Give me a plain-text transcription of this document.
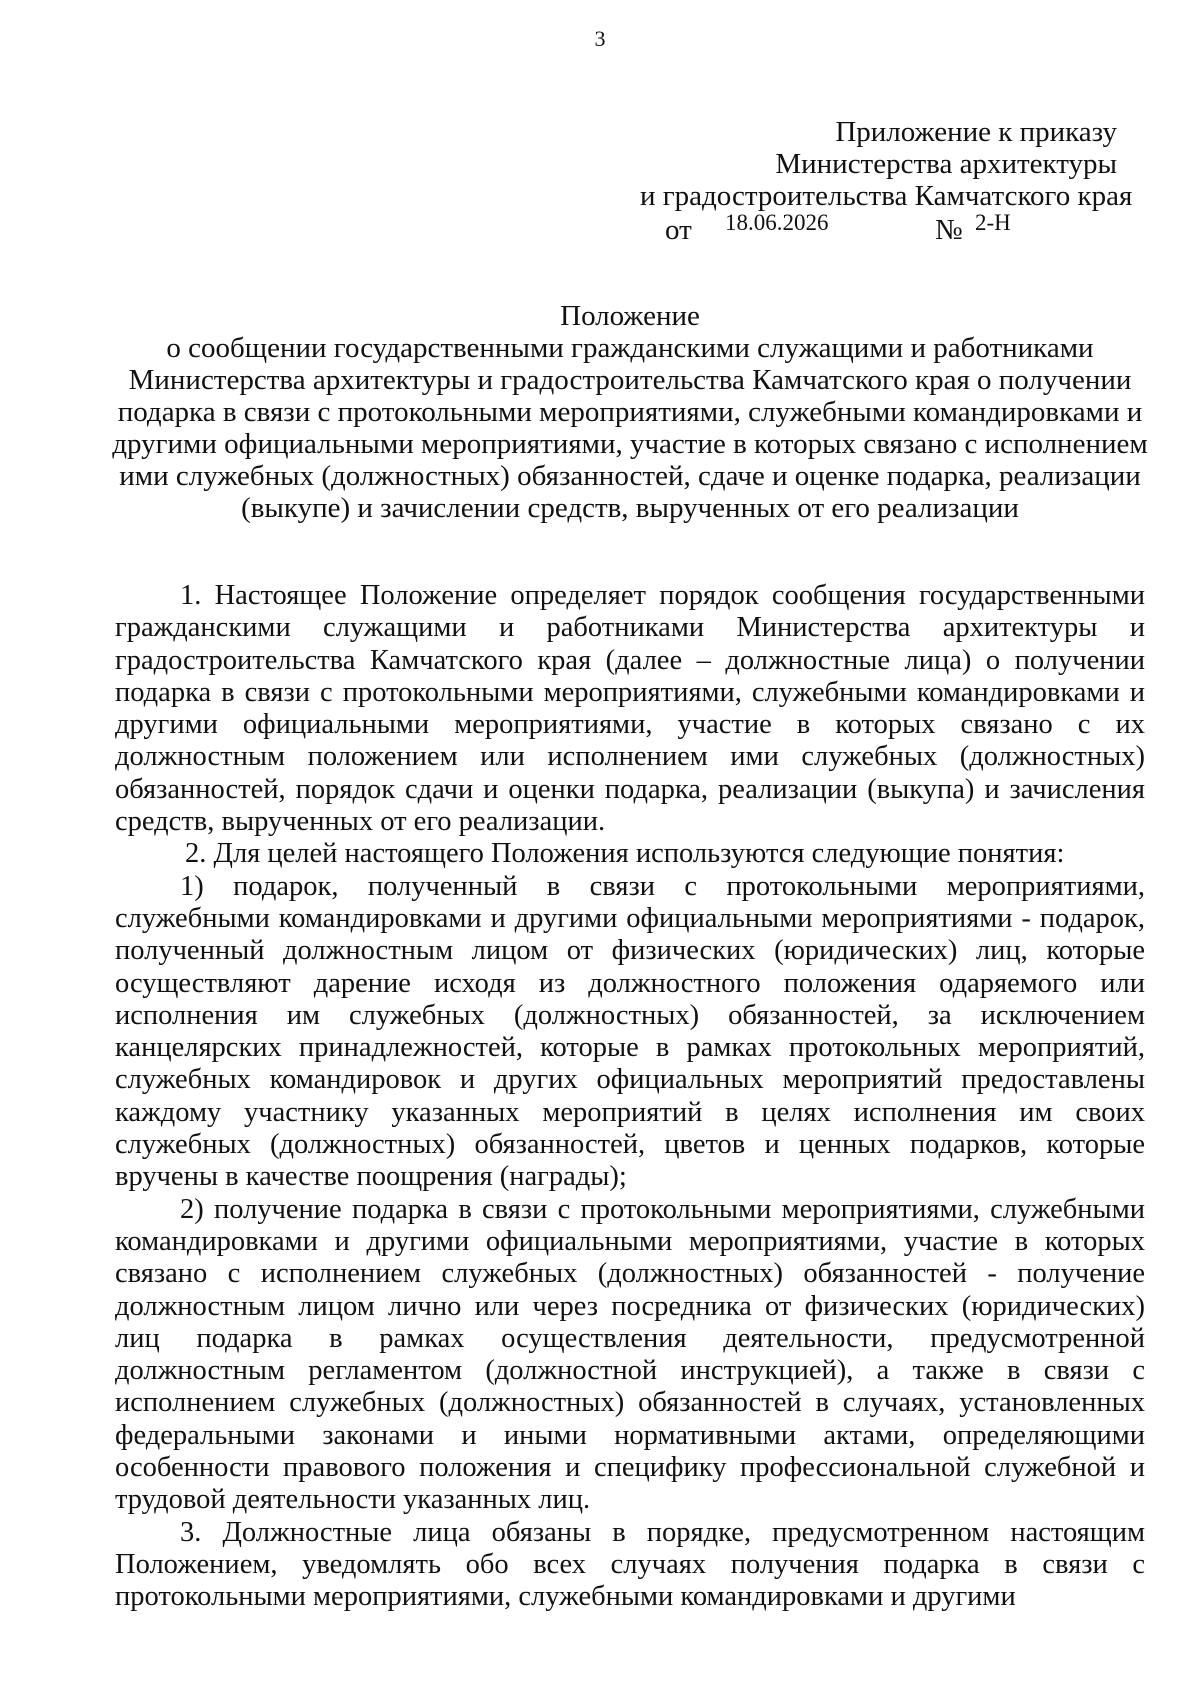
3
Приложение к приказу
Министерства архитектуры
и градостроительства Камчатского края
от 18.06.2026	№ 2-Н
Положение
о сообщении государственными гражданскими служащими и работниками Министерства архитектуры и градостроительства Камчатского края о получении подарка в связи с протокольными мероприятиями, служебными командировками и другими официальными мероприятиями, участие в которых связано с исполнением ими служебных (должностных) обязанностей, сдаче и оценке подарка, реализации (выкупе) и зачислении средств, вырученных от его реализации

1. Настоящее Положение определяет порядок сообщения государственными гражданскими служащими и работниками Министерства архитектуры и градостроительства Камчатского края (далее – должностные лица) о получении подарка в связи с протокольными мероприятиями, служебными командировками и другими официальными мероприятиями, участие в которых связано с их должностным положением или исполнением ими служебных (должностных) обязанностей, порядок сдачи и оценки подарка, реализации (выкупа) и зачисления средств, вырученных от его реализации.

2. Для целей настоящего Положения используются следующие понятия:

1) подарок, полученный в связи с протокольными мероприятиями, служебными командировками и другими официальными мероприятиями - подарок, полученный должностным лицом от физических (юридических) лиц, которые осуществляют дарение исходя из должностного положения одаряемого или исполнения им служебных (должностных) обязанностей, за исключением канцелярских принадлежностей, которые в рамках протокольных мероприятий, служебных командировок и других официальных мероприятий предоставлены каждому участнику указанных мероприятий в целях исполнения им своих служебных (должностных) обязанностей, цветов и ценных подарков, которые вручены в качестве поощрения (награды);

2) получение подарка в связи с протокольными мероприятиями, служебными командировками и другими официальными мероприятиями, участие в которых связано с исполнением служебных (должностных) обязанностей - получение должностным лицом лично или через посредника от физических (юридических) лиц подарка в рамках осуществления деятельности, предусмотренной должностным регламентом (должностной инструкцией), а также в связи с исполнением служебных (должностных) обязанностей в случаях, установленных федеральными законами и иными нормативными актами, определяющими особенности правового положения и специфику профессиональной служебной и трудовой деятельности указанных лиц.

3. Должностные лица обязаны в порядке, предусмотренном настоящим Положением, уведомлять обо всех случаях получения подарка в связи с протокольными мероприятиями, служебными командировками и другими
